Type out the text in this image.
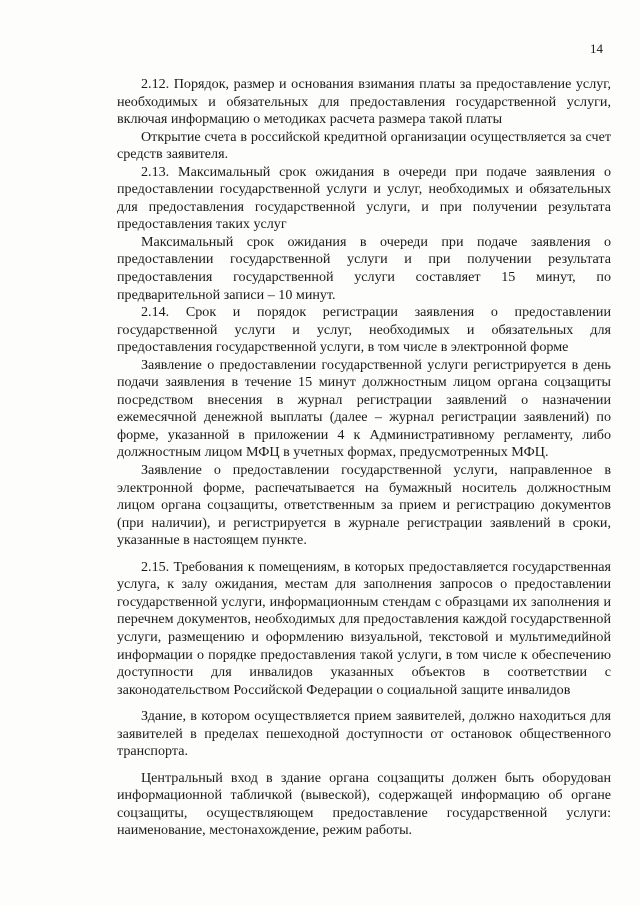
14

2.12. Порядок, размер и основания взимания платы за предоставление услуг, необходимых и обязательных для предоставления государственной услуги, включая информацию о методиках расчета размера такой платы

Открытие счета в российской кредитной организации осуществляется за счет средств заявителя.

2.13. Максимальный срок ожидания в очереди при подаче заявления о предоставлении государственной услуги и услуг, необходимых и обязательных для предоставления государственной услуги, и при получении результата предоставления таких услуг

Максимальный срок ожидания в очереди при подаче заявления о предоставлении государственной услуги и при получении результата предоставления государственной услуги составляет 15 минут, по предварительной записи – 10 минут.

2.14. Срок и порядок регистрации заявления о предоставлении государственной услуги и услуг, необходимых и обязательных для предоставления государственной услуги, в том числе в электронной форме

Заявление о предоставлении государственной услуги регистрируется в день подачи заявления в течение 15 минут должностным лицом органа соцзащиты посредством внесения в журнал регистрации заявлений о назначении ежемесячной денежной выплаты (далее – журнал регистрации заявлений) по форме, указанной в приложении 4 к Административному регламенту, либо должностным лицом МФЦ в учетных формах, предусмотренных МФЦ.

Заявление о предоставлении государственной услуги, направленное в электронной форме, распечатывается на бумажный носитель должностным лицом органа соцзащиты, ответственным за прием и регистрацию документов (при наличии), и регистрируется в журнале регистрации заявлений в сроки, указанные в настоящем пункте.

2.15. Требования к помещениям, в которых предоставляется государственная услуга, к залу ожидания, местам для заполнения запросов о предоставлении государственной услуги, информационным стендам с образцами их заполнения и перечнем документов, необходимых для предоставления каждой государственной услуги, размещению и оформлению визуальной, текстовой и мультимедийной информации о порядке предоставления такой услуги, в том числе к обеспечению доступности для инвалидов указанных объектов в соответствии с законодательством Российской Федерации о социальной защите инвалидов

Здание, в котором осуществляется прием заявителей, должно находиться для заявителей в пределах пешеходной доступности от остановок общественного транспорта.

Центральный вход в здание органа соцзащиты должен быть оборудован информационной табличкой (вывеской), содержащей информацию об органе соцзащиты, осуществляющем предоставление государственной услуги: наименование, местонахождение, режим работы.
